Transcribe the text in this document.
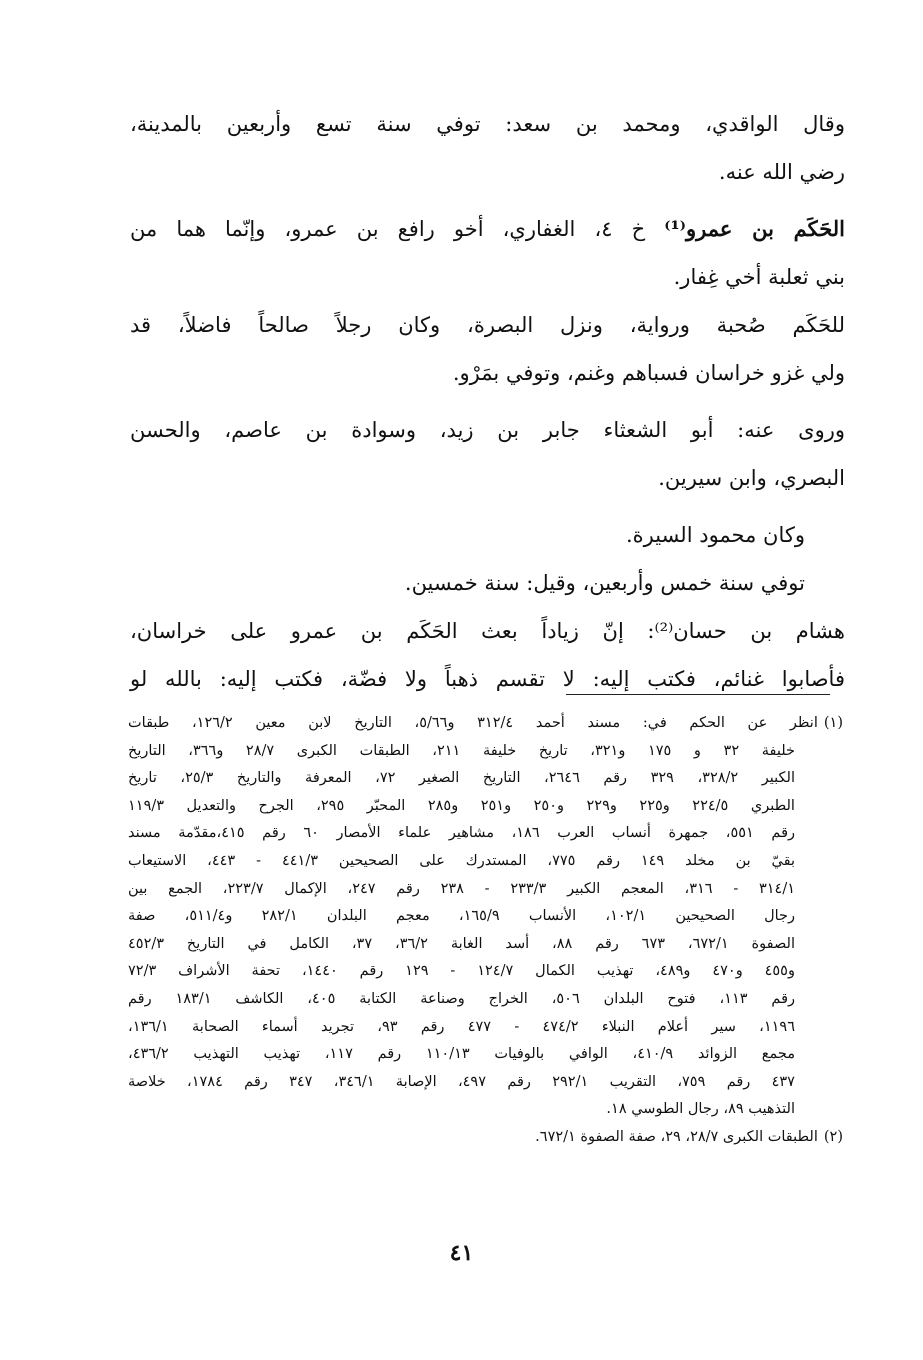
وقال الواقدي، ومحمد بن سعد: توفي سنة تسع وأربعين بالمدينة،
رضي الله عنه.
الحَكَم بن عمرو⁽¹⁾ خ ٤، الغفاري، أخو رافع بن عمرو، وإنّما هما من
بني ثعلبة أخي غِفار.
للحَكَم صُحبة ورواية، ونزل البصرة، وكان رجلاً صالحاً فاضلاً، قد
ولي غزو خراسان فسباهم وغنم، وتوفي بمَرْو.
وروى عنه: أبو الشعثاء جابر بن زيد، وسوادة بن عاصم، والحسن
البصري، وابن سيرين.
وكان محمود السيرة.
توفي سنة خمس وأربعين، وقيل: سنة خمسين.
هشام بن حسان⁽²⁾: إنّ زياداً بعث الحَكَم بن عمرو على خراسان،
فأصابوا غنائم، فكتب إليه: لا تقسم ذهباً ولا فضّة، فكتب إليه: بالله لو
(١)انظر عن الحكم في: مسند أحمد ٣١٢/٤ و٥/٦٦، التاريخ لابن معين ١٢٦/٢، طبقات
خليفة ٣٢ و ١٧٥ و٣٢١، تاريخ خليفة ٢١١، الطبقات الكبرى ٢٨/٧ و٣٦٦، التاريخ
الكبير ٣٢٨/٢، ٣٢٩ رقم ٢٦٤٦، التاريخ الصغير ٧٢، المعرفة والتاريخ ٢٥/٣، تاريخ
الطبري ٢٢٤/٥ و٢٢٥ و٢٢٩ و٢٥٠ و٢٥١ و٢٨٥ المحبّر ٢٩٥، الجرح والتعديل ١١٩/٣
رقم ٥٥١، جمهرة أنساب العرب ١٨٦، مشاهير علماء الأمصار ٦٠ رقم ٤١٥،مقدّمة مسند
بقيّ بن مخلد ١٤٩ رقم ٧٧٥، المستدرك على الصحيحين ٤٤١/٣ - ٤٤٣، الاستيعاب
٣١٤/١ - ٣١٦، المعجم الكبير ٢٣٣/٣ - ٢٣٨ رقم ٢٤٧، الإكمال ٢٢٣/٧، الجمع بين
رجال الصحيحين ١٠٢/١، الأنساب ١٦٥/٩، معجم البلدان ٢٨٢/١ و٥١١/٤، صفة
الصفوة ٦٧٢/١، ٦٧٣ رقم ٨٨، أسد الغابة ٣٦/٢، ٣٧، الكامل في التاريخ ٤٥٢/٣
و٤٥٥ و٤٧٠ و٤٨٩، تهذيب الكمال ١٢٤/٧ - ١٢٩ رقم ١٤٤٠، تحفة الأشراف ٧٢/٣
رقم ١١٣، فتوح البلدان ٥٠٦، الخراج وصناعة الكتابة ٤٠٥، الكاشف ١٨٣/١ رقم
١١٩٦، سير أعلام النبلاء ٤٧٤/٢ - ٤٧٧ رقم ٩٣، تجريد أسماء الصحابة ١٣٦/١،
مجمع الزوائد ٤١٠/٩، الوافي بالوفيات ١١٠/١٣ رقم ١١٧، تهذيب التهذيب ٤٣٦/٢،
٤٣٧ رقم ٧٥٩، التقريب ٢٩٢/١ رقم ٤٩٧، الإصابة ٣٤٦/١، ٣٤٧ رقم ١٧٨٤، خلاصة
التذهيب ٨٩، رجال الطوسي ١٨.
(٢)الطبقات الكبرى ٢٨/٧، ٢٩، صفة الصفوة ٦٧٢/١.
٤١
